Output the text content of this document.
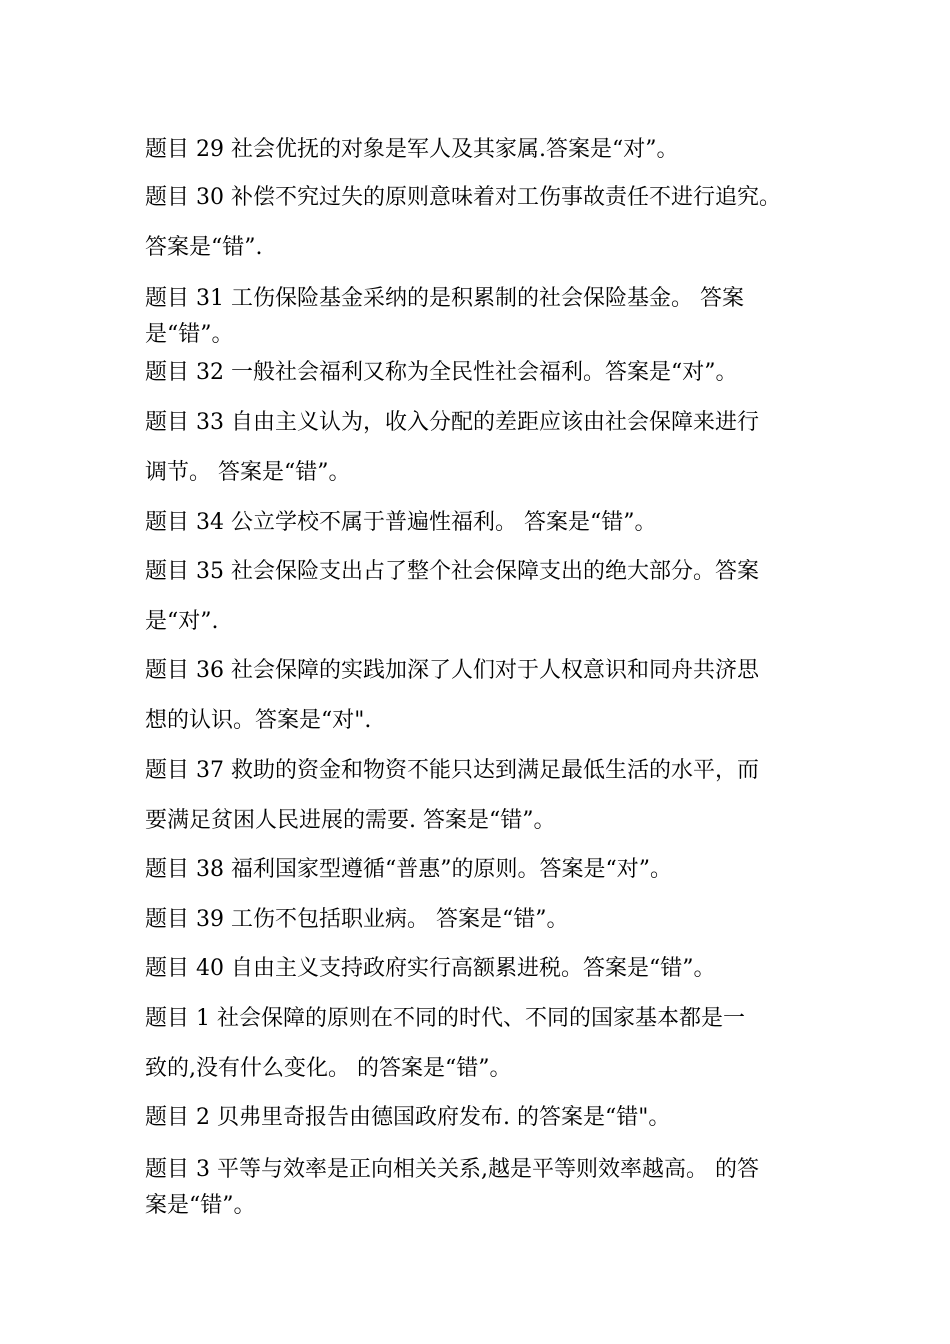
题目 29 社会优抚的对象是军人及其家属.答案是“对”。
题目 30 补偿不究过失的原则意味着对工伤事故责任不进行追究。
答案是“错”.
题目 31 工伤保险基金采纳的是积累制的社会保险基金。 答案
是“错”。
题目 32 一般社会福利又称为全民性社会福利。答案是“对”。
题目 33 自由主义认为，收入分配的差距应该由社会保障来进行
调节。 答案是“错”。
题目 34 公立学校不属于普遍性福利。 答案是“错”。
题目 35 社会保险支出占了整个社会保障支出的绝大部分。答案
是“对”.
题目 36 社会保障的实践加深了人们对于人权意识和同舟共济思
想的认识。答案是“对".
题目 37 救助的资金和物资不能只达到满足最低生活的水平，而
要满足贫困人民进展的需要. 答案是“错”。
题目 38 福利国家型遵循“普惠”的原则。答案是“对”。
题目 39 工伤不包括职业病。 答案是“错”。
题目 40 自由主义支持政府实行高额累进税。答案是“错”。
题目 1 社会保障的原则在不同的时代、不同的国家基本都是一
致的,没有什么变化。 的答案是“错”。
题目 2 贝弗里奇报告由德国政府发布. 的答案是“错"。
题目 3 平等与效率是正向相关关系,越是平等则效率越高。 的答
案是“错”。
